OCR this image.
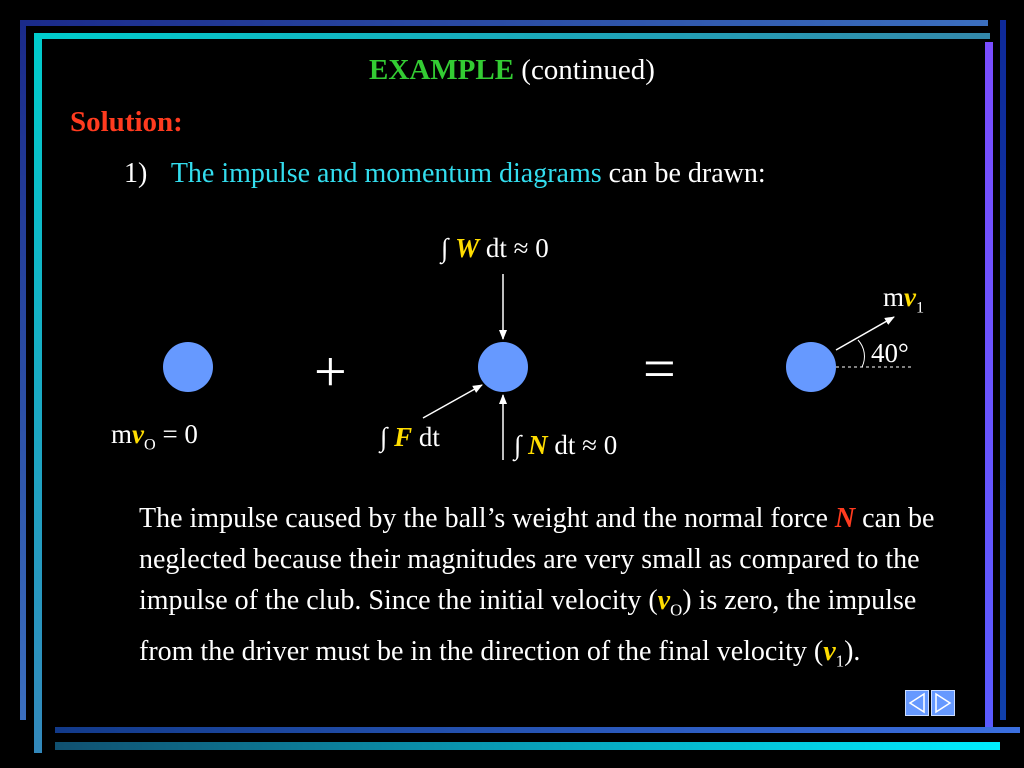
EXAMPLE (continued)
Solution:
1) The impulse and momentum diagrams can be drawn:
+	=
$mv_O = 0$
∫ W dt ≈ 0
∫ F dt	∫ N dt ≈ 0
$mv_1$
40°

The impulse caused by the ball’s weight and the normal force N can be neglected because their magnitudes are very small as compared to the impulse of the club. Since the initial velocity $(v_O)$ is zero, the impulse from the driver must be in the direction of the final velocity $(v_1)$.
